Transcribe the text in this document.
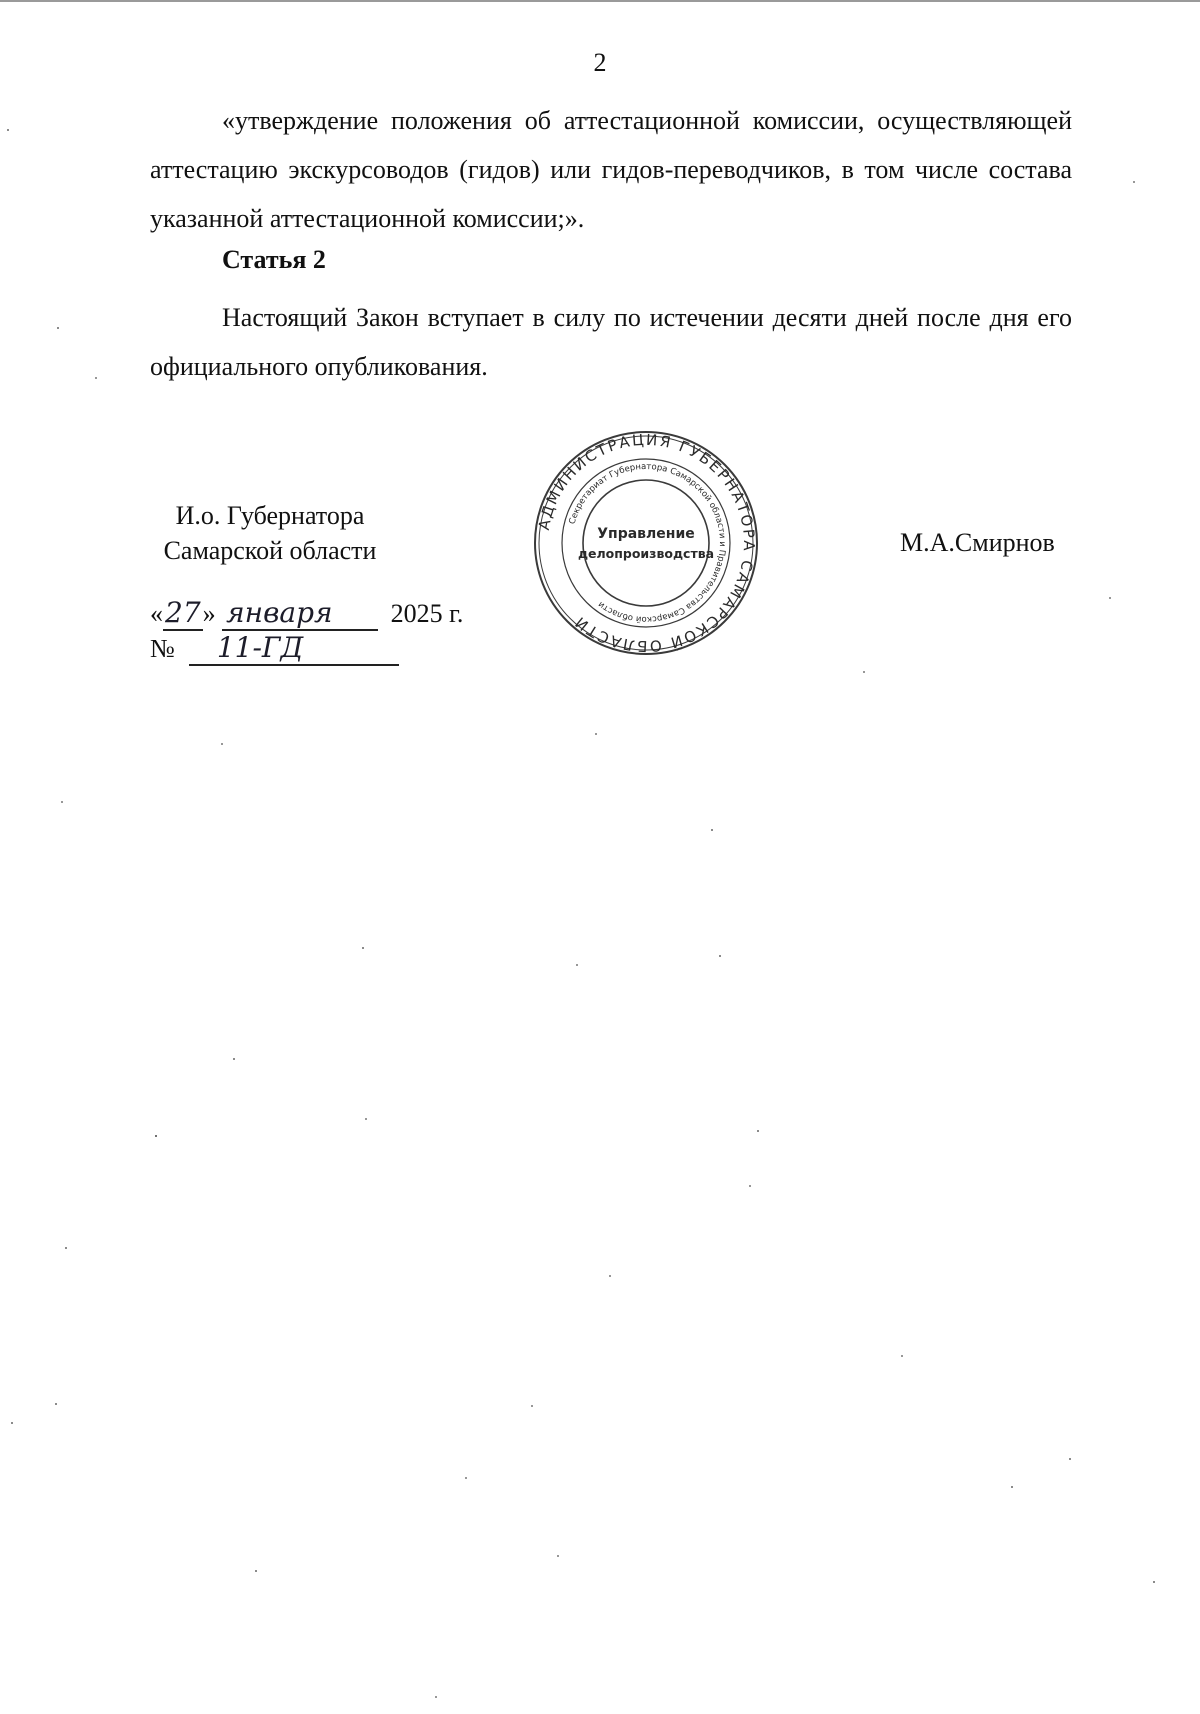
2

«утверждение положения об аттестационной комиссии, осуществляющей аттестацию экскурсоводов (гидов) или гидов-переводчиков, в том числе состава указанной аттестационной комиссии;».

Статья 2

Настоящий Закон вступает в силу по истечении десяти дней после дня его официального опубликования.

И.о. Губернатора
Самарской области
АДМИНИСТРАЦИЯ ГУБЕРНАТОРА САМАРСКОЙ ОБЛАСТИ
Секретариат Губернатора Самарской области и Правительства Самарской области
Управление
делопроизводства	М.А.Смирнов
«27» января 2025 г.
№ 11-ГД
